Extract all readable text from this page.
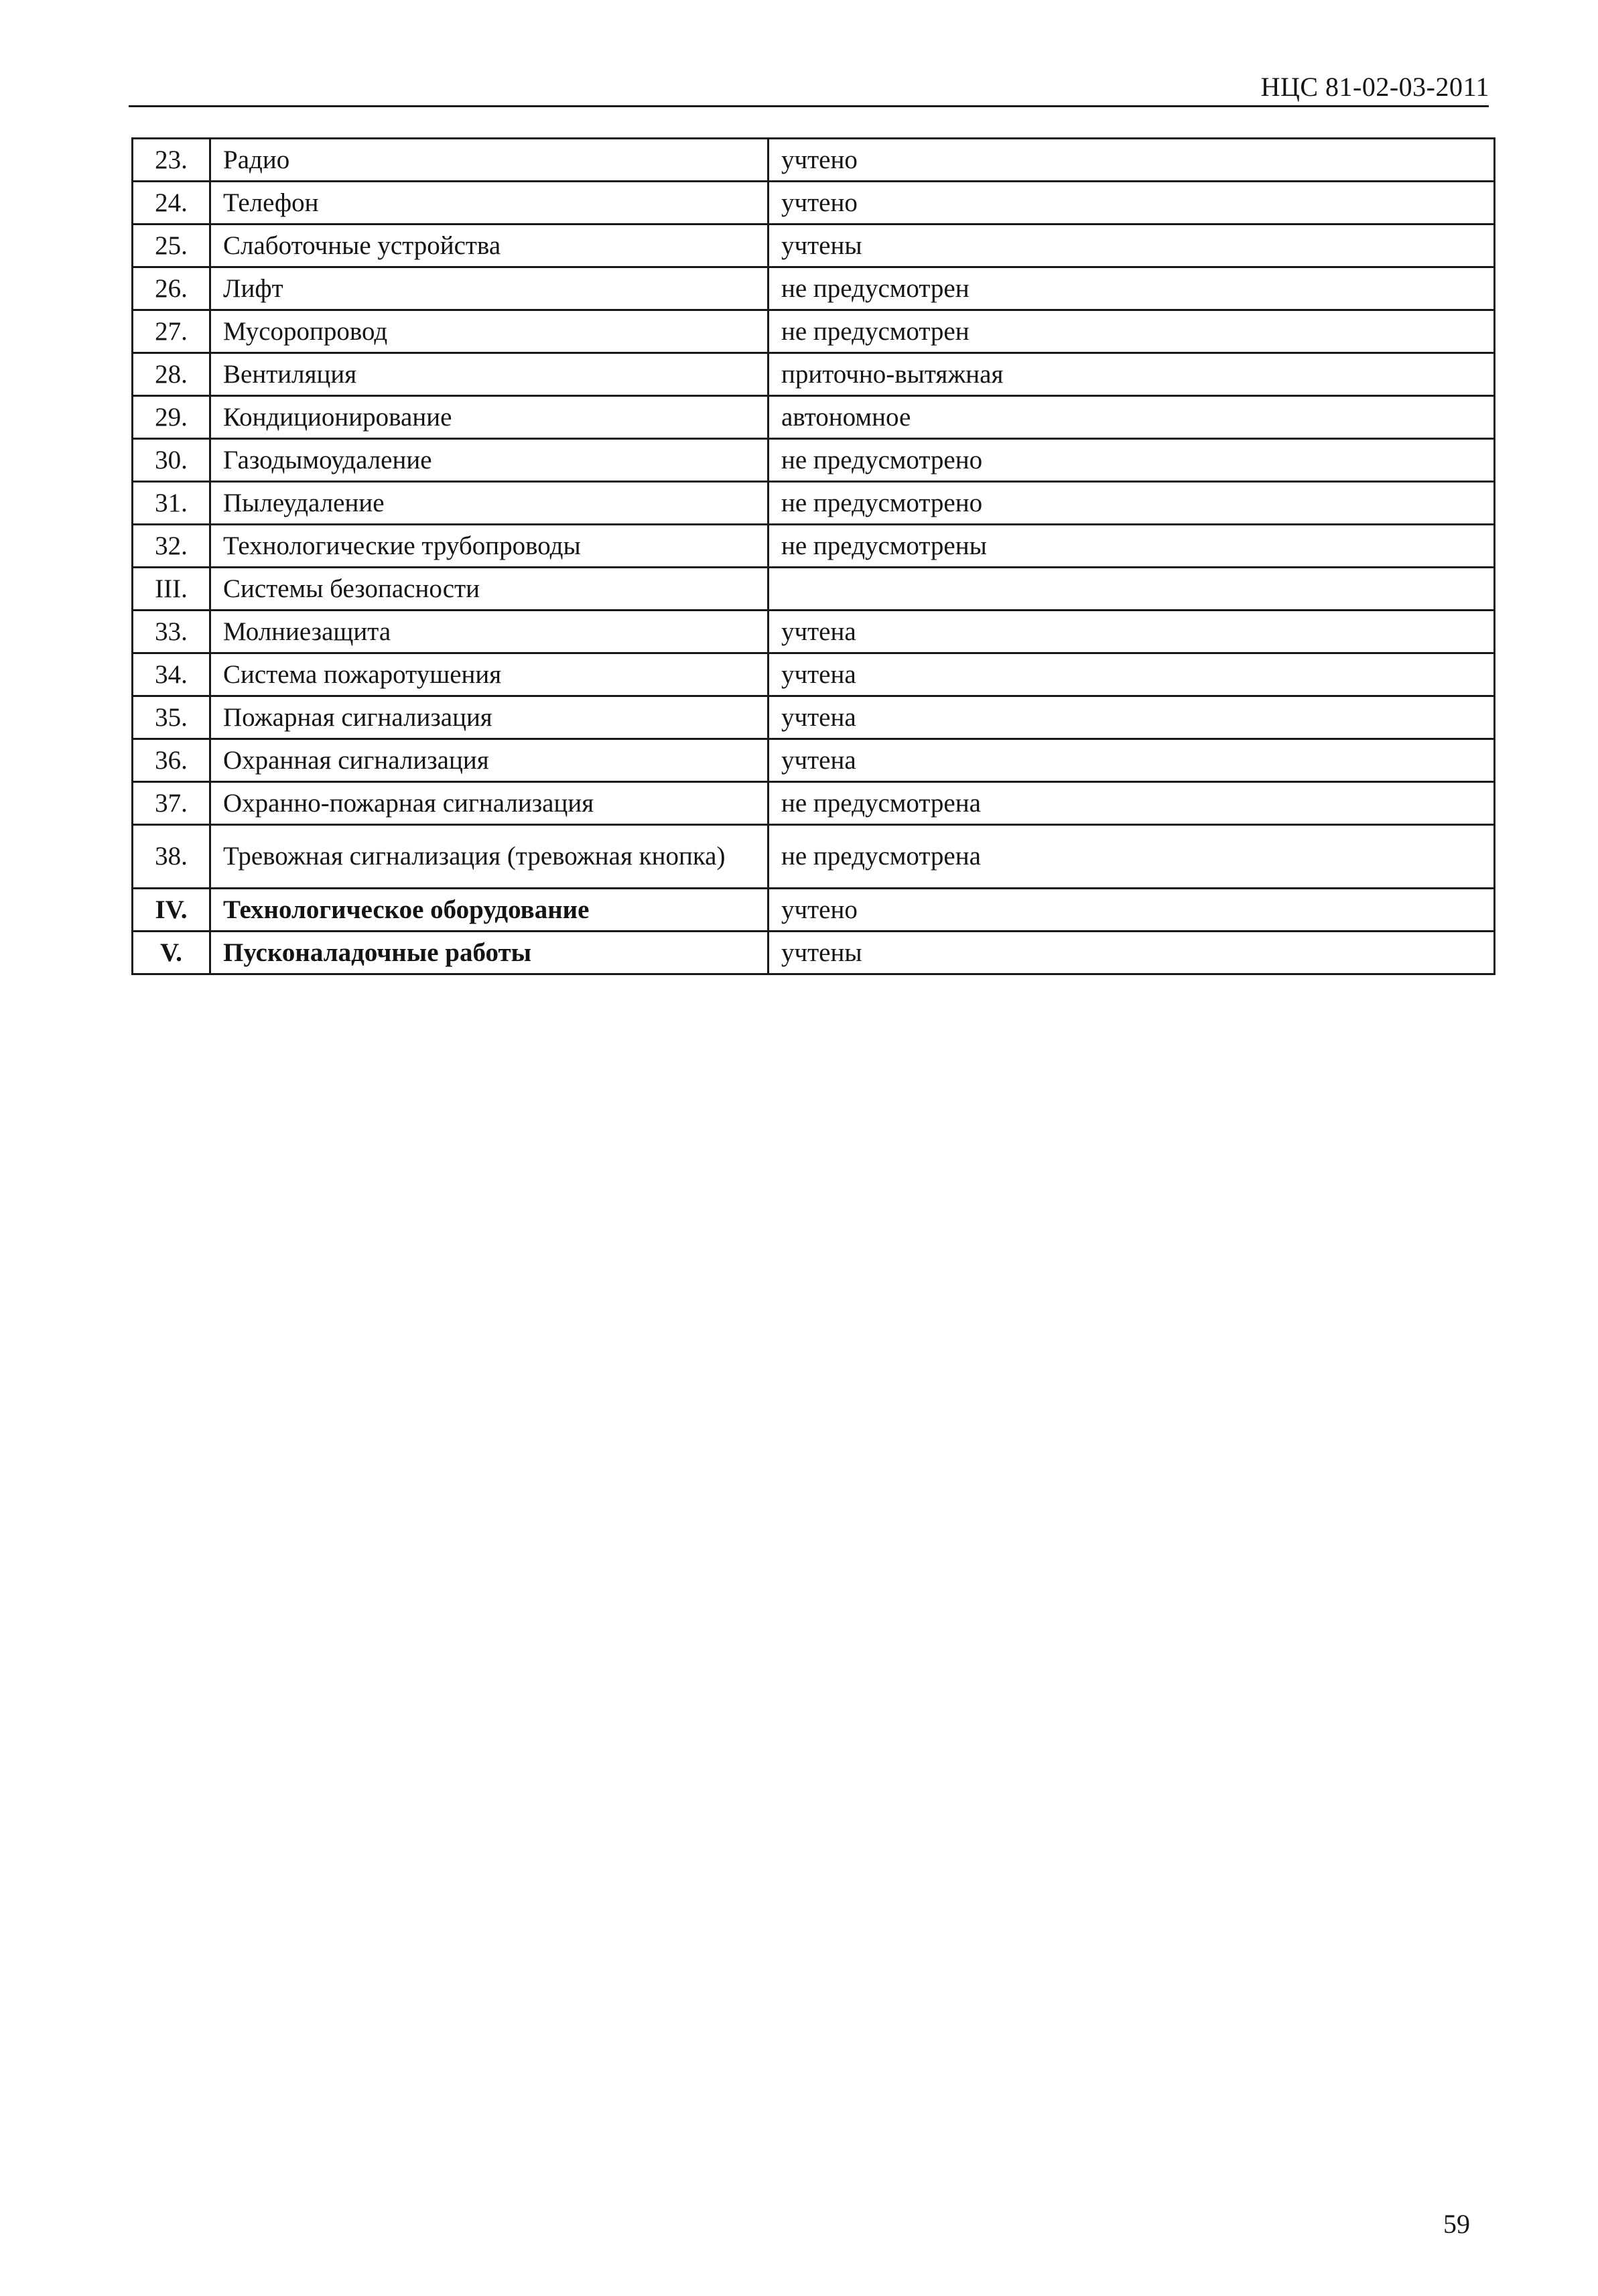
НЦС 81-02-03-2011
23.	Радио	учтено
24.	Телефон	учтено
25.	Слаботочные устройства	учтены
26.	Лифт	не предусмотрен
27.	Мусоропровод	не предусмотрен
28.	Вентиляция	приточно-вытяжная
29.	Кондиционирование	автономное
30.	Газодымоудаление	не предусмотрено
31.	Пылеудаление	не предусмотрено
32.	Технологические трубопроводы	не предусмотрены
III.	Системы безопасности	
33.	Молниезащита	учтена
34.	Система пожаротушения	учтена
35.	Пожарная сигнализация	учтена
36.	Охранная сигнализация	учтена
37.	Охранно-пожарная сигнализация	не предусмотрена
38.	Тревожная сигнализация (тревожная кнопка)	не предусмотрена
IV.	Технологическое оборудование	учтено
V.	Пусконаладочные работы	учтены
59
